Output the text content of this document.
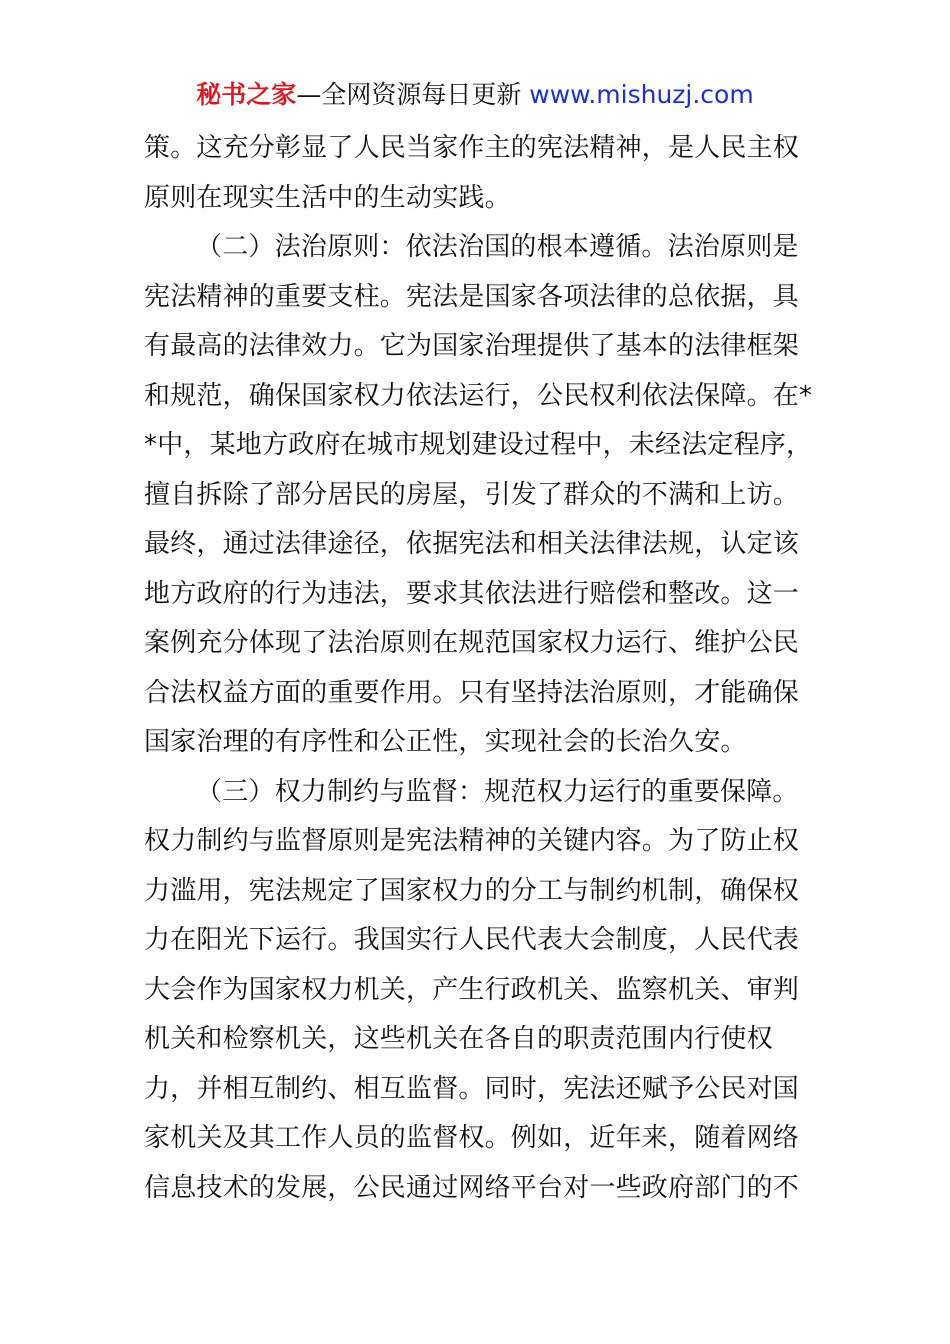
秘书之家—全网资源每日更新 www.mishuzj.com
策。这充分彰显了人民当家作主的宪法精神，是人民主权
原则在现实生活中的生动实践。
（二）法治原则：依法治国的根本遵循。法治原则是
宪法精神的重要支柱。宪法是国家各项法律的总依据，具
有最高的法律效力。它为国家治理提供了基本的法律框架
和规范，确保国家权力依法运行，公民权利依法保障。在*
*中，某地方政府在城市规划建设过程中，未经法定程序，
擅自拆除了部分居民的房屋，引发了群众的不满和上访。
最终，通过法律途径，依据宪法和相关法律法规，认定该
地方政府的行为违法，要求其依法进行赔偿和整改。这一
案例充分体现了法治原则在规范国家权力运行、维护公民
合法权益方面的重要作用。只有坚持法治原则，才能确保
国家治理的有序性和公正性，实现社会的长治久安。
（三）权力制约与监督：规范权力运行的重要保障。
权力制约与监督原则是宪法精神的关键内容。为了防止权
力滥用，宪法规定了国家权力的分工与制约机制，确保权
力在阳光下运行。我国实行人民代表大会制度，人民代表
大会作为国家权力机关，产生行政机关、监察机关、审判
机关和检察机关，这些机关在各自的职责范围内行使权
力，并相互制约、相互监督。同时，宪法还赋予公民对国
家机关及其工作人员的监督权。例如，近年来，随着网络
信息技术的发展，公民通过网络平台对一些政府部门的不
